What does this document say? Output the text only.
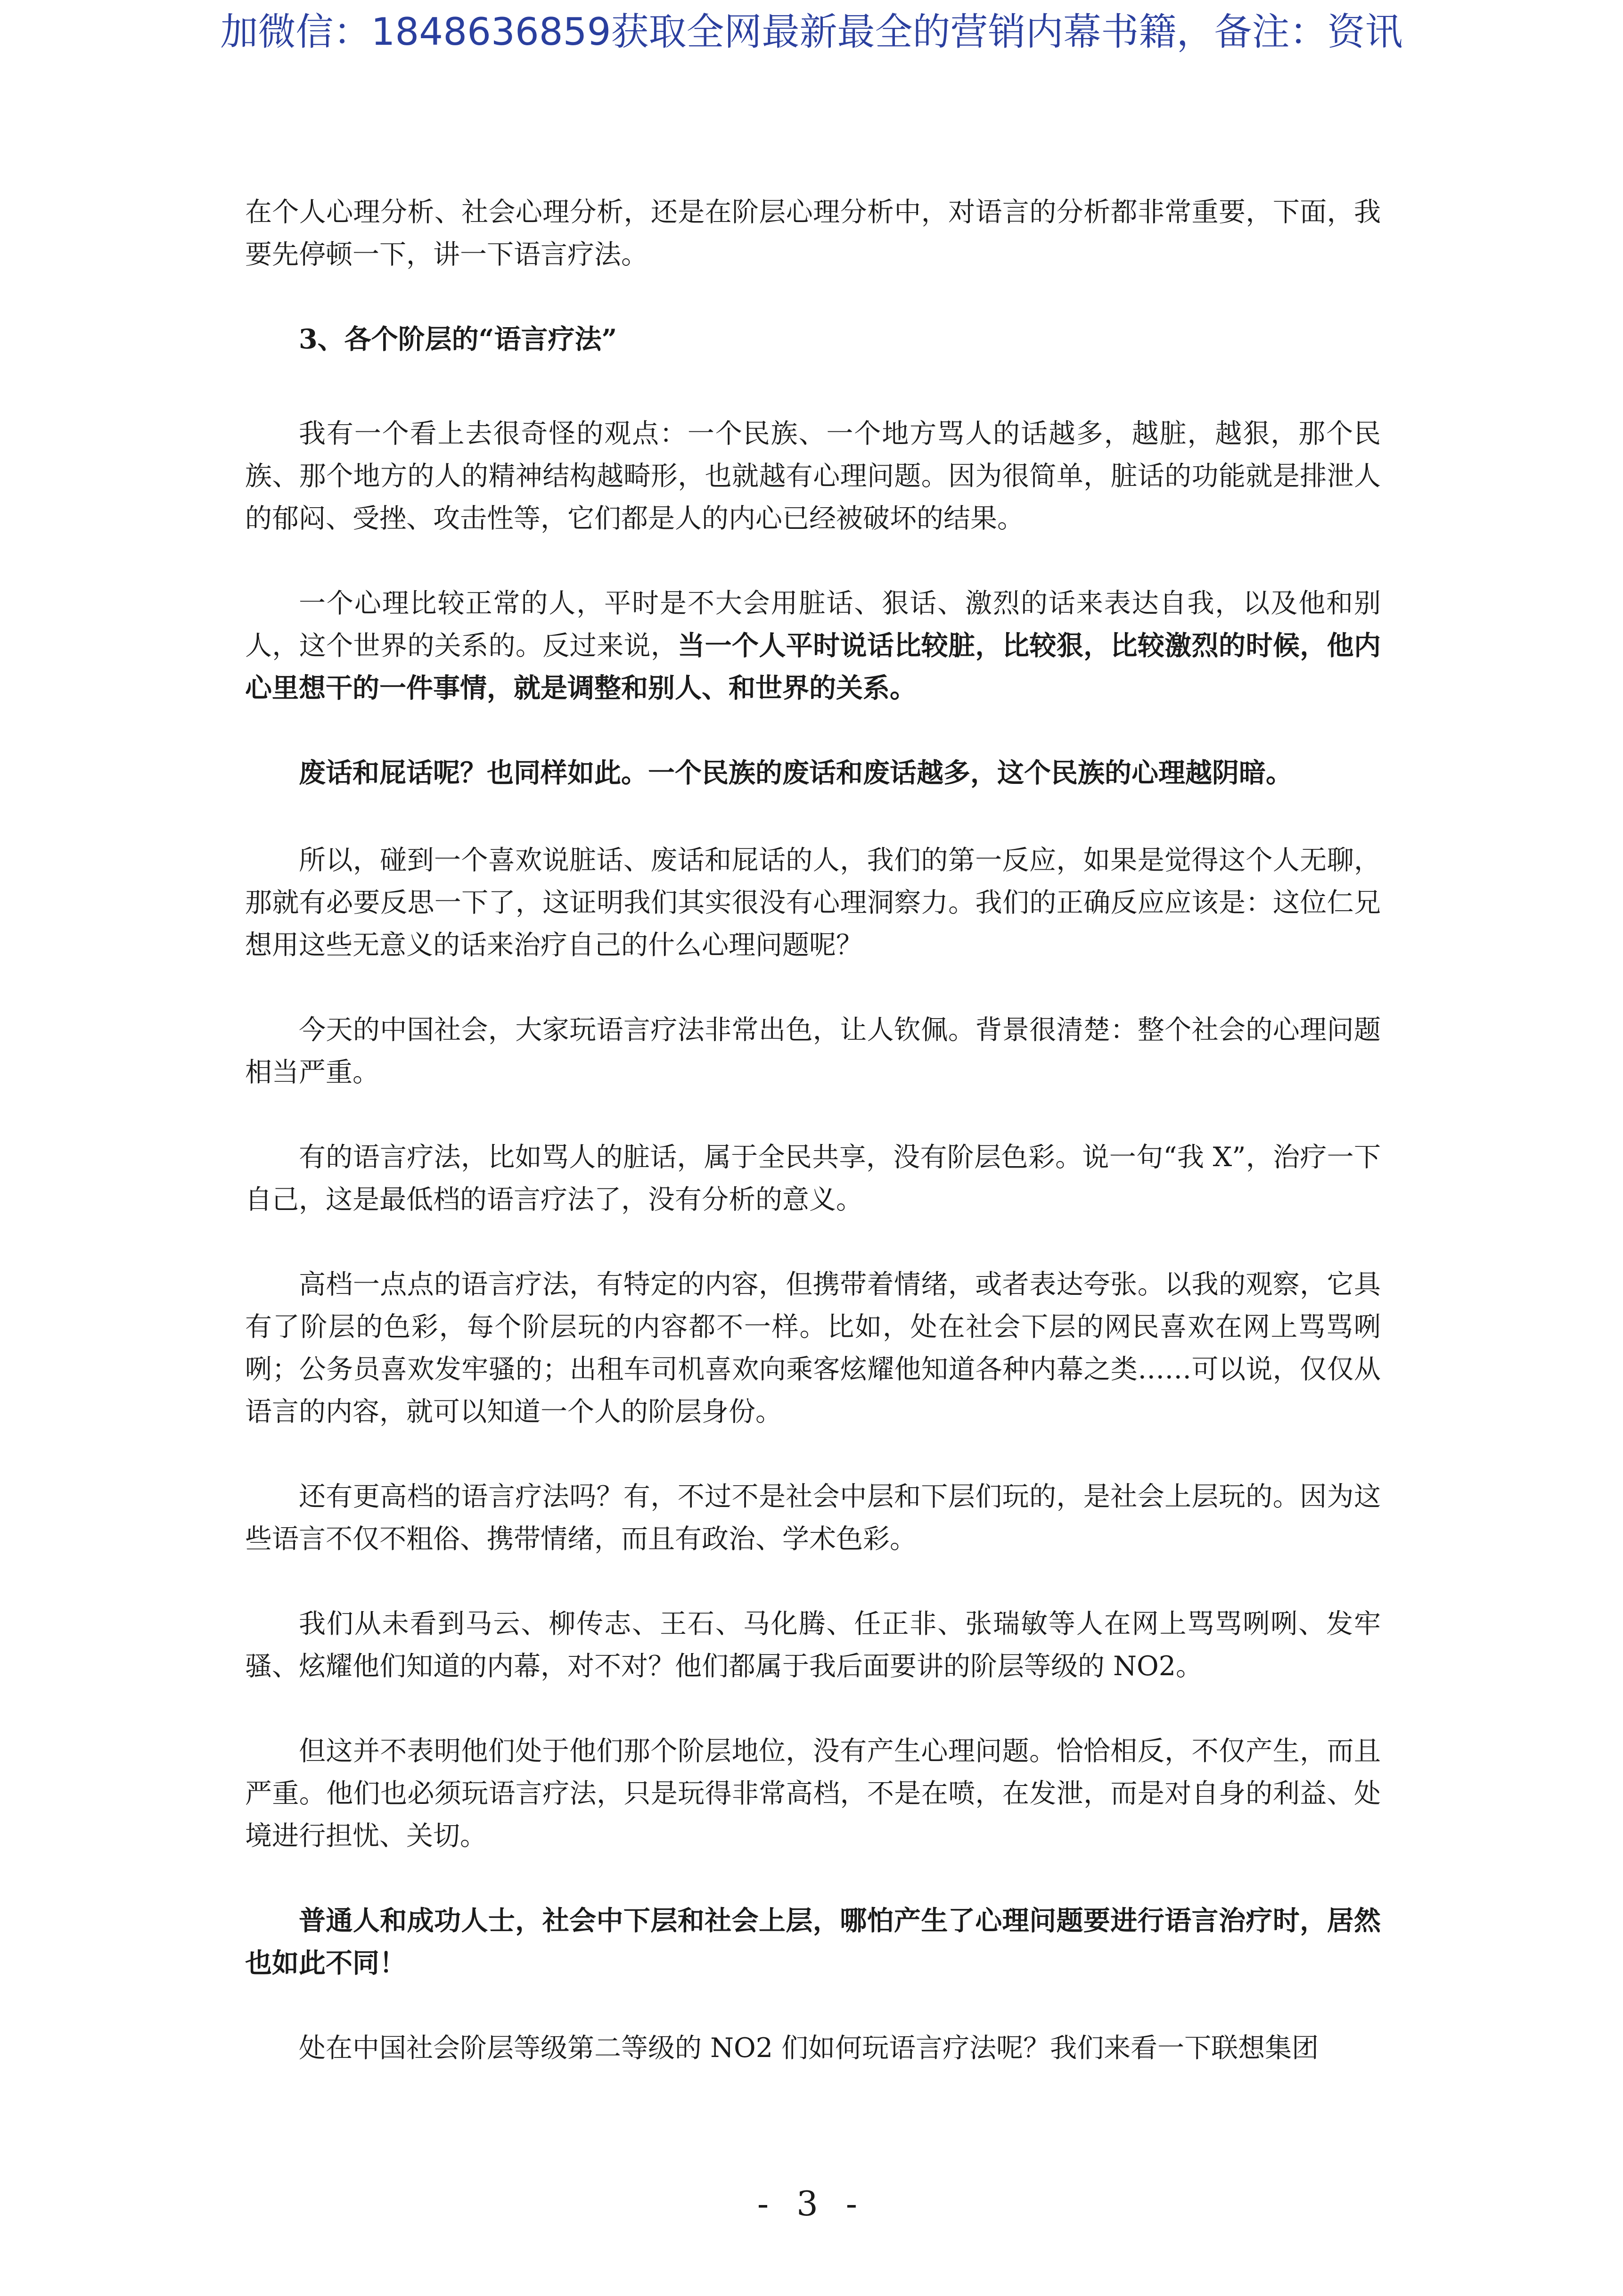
加微信：1848636859获取全网最新最全的营销内幕书籍，备注：资讯

在个人心理分析、社会心理分析，还是在阶层心理分析中，对语言的分析都非常重要，下面，我要先停顿一下，讲一下语言疗法。

3、各个阶层的“语言疗法”

我有一个看上去很奇怪的观点：一个民族、一个地方骂人的话越多，越脏，越狠，那个民族、那个地方的人的精神结构越畸形，也就越有心理问题。因为很简单，脏话的功能就是排泄人的郁闷、受挫、攻击性等，它们都是人的内心已经被破坏的结果。

一个心理比较正常的人，平时是不大会用脏话、狠话、激烈的话来表达自我，以及他和别人，这个世界的关系的。反过来说，当一个人平时说话比较脏，比较狠，比较激烈的时候，他内心里想干的一件事情，就是调整和别人、和世界的关系。

废话和屁话呢？也同样如此。一个民族的废话和废话越多，这个民族的心理越阴暗。

所以，碰到一个喜欢说脏话、废话和屁话的人，我们的第一反应，如果是觉得这个人无聊，那就有必要反思一下了，这证明我们其实很没有心理洞察力。我们的正确反应应该是：这位仁兄想用这些无意义的话来治疗自己的什么心理问题呢？

今天的中国社会，大家玩语言疗法非常出色，让人钦佩。背景很清楚：整个社会的心理问题相当严重。

有的语言疗法，比如骂人的脏话，属于全民共享，没有阶层色彩。说一句“我 X”，治疗一下自己，这是最低档的语言疗法了，没有分析的意义。

高档一点点的语言疗法，有特定的内容，但携带着情绪，或者表达夸张。以我的观察，它具有了阶层的色彩，每个阶层玩的内容都不一样。比如，处在社会下层的网民喜欢在网上骂骂咧咧；公务员喜欢发牢骚的；出租车司机喜欢向乘客炫耀他知道各种内幕之类……可以说，仅仅从语言的内容，就可以知道一个人的阶层身份。

还有更高档的语言疗法吗？有，不过不是社会中层和下层们玩的，是社会上层玩的。因为这些语言不仅不粗俗、携带情绪，而且有政治、学术色彩。

我们从未看到马云、柳传志、王石、马化腾、任正非、张瑞敏等人在网上骂骂咧咧、发牢骚、炫耀他们知道的内幕，对不对？他们都属于我后面要讲的阶层等级的 NO2。

但这并不表明他们处于他们那个阶层地位，没有产生心理问题。恰恰相反，不仅产生，而且严重。他们也必须玩语言疗法，只是玩得非常高档，不是在喷，在发泄，而是对自身的利益、处境进行担忧、关切。

普通人和成功人士，社会中下层和社会上层，哪怕产生了心理问题要进行语言治疗时，居然也如此不同！

处在中国社会阶层等级第二等级的 NO2 们如何玩语言疗法呢？我们来看一下联想集团

- 3 -
